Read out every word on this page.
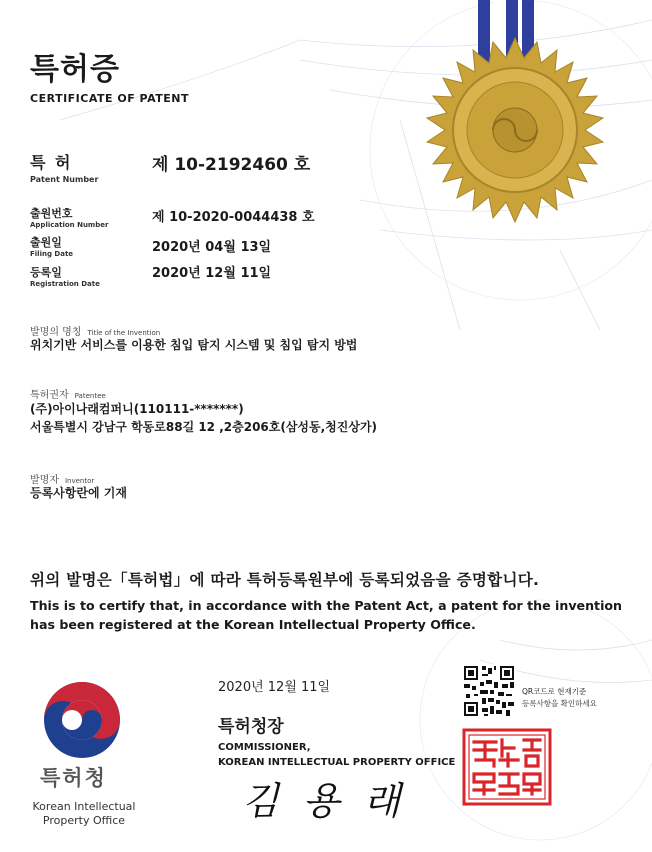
특허증
CERTIFICATE OF PATENT
특 허
Patent Number
제 10-2192460 호
출원번호
Application Number	제 10-2020-0044438 호
출원일
Filing Date	2020년 04월 13일
등록일
Registration Date
2020년 12월 11일
발명의 명칭 Title of the Invention
위치기반 서비스를 이용한 침입 탐지 시스템 및 침입 탐지 방법
특허권자 Patentee
(주)아이나래컴퍼니(110111-*******)
서울특별시 강남구 학동로88길 12 ,2층206호(삼성동,청진상가)
발명자 Inventor
등록사항란에 기재
위의 발명은「특허법」에 따라 특허등록원부에 등록되었음을 증명합니다.
This is to certify that, in accordance with the Patent Act, a patent for the invention has been registered at the Korean Intellectual Property Office.
특허청
Korean Intellectual
Property Office
2020년 12월 11일
특허청장
COMMISSIONER,
KOREAN INTELLECTUAL PROPERTY OFFICE
김 용 래
QR코드로 현재기준
등록사항을 확인하세요
